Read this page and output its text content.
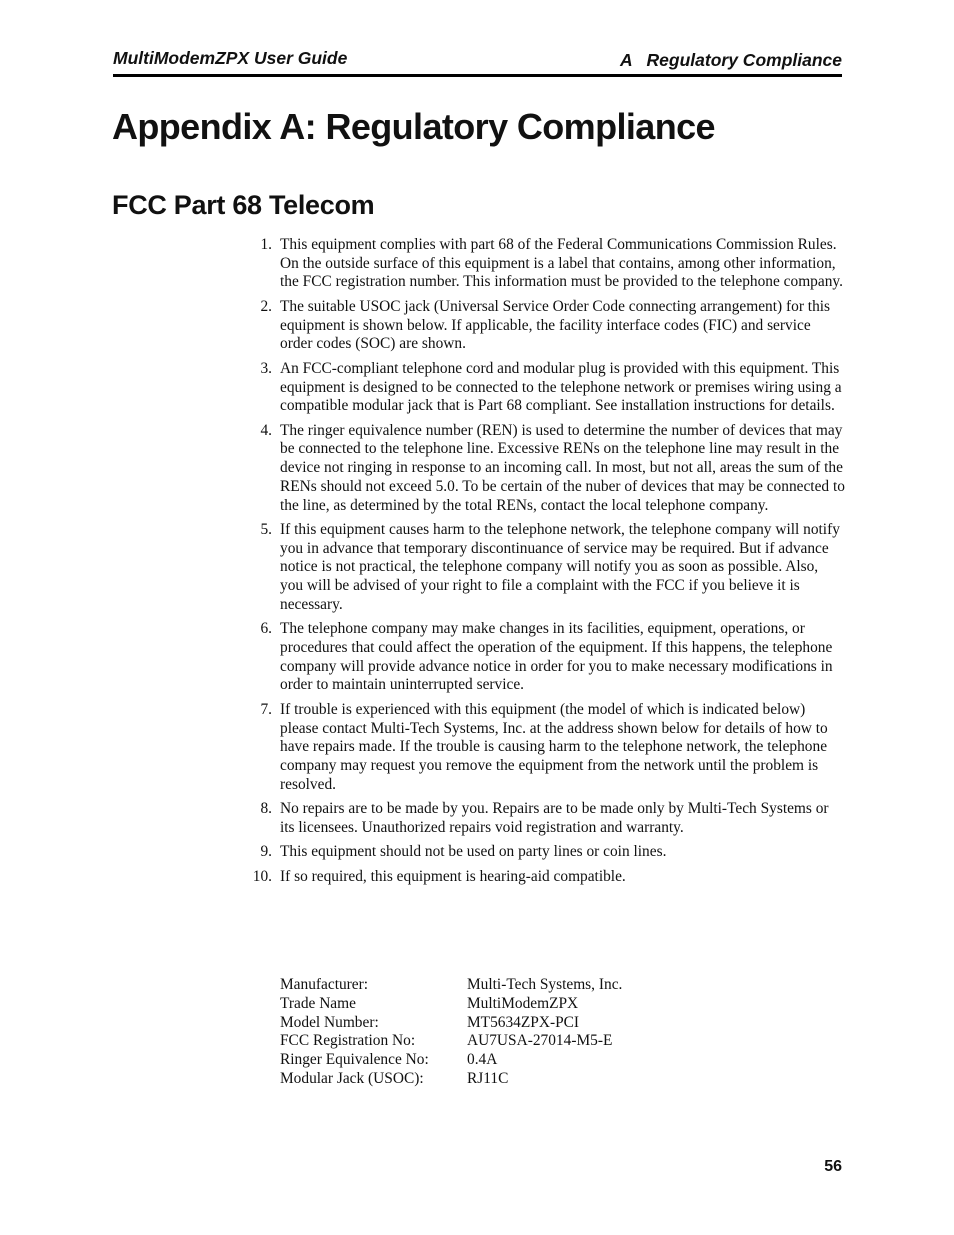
MultiModemZPX User Guide	A   Regulatory Compliance
Appendix A: Regulatory Compliance
FCC Part 68 Telecom
1. This equipment complies with part 68 of the Federal Communications Commission Rules. On the outside surface of this equipment is a label that contains, among other information, the FCC registration number. This information must be provided to the telephone company.
2. The suitable USOC jack (Universal Service Order Code connecting arrangement) for this equipment is shown below. If applicable, the facility interface codes (FIC) and service order codes (SOC) are shown.
3. An FCC-compliant telephone cord and modular plug is provided with this equipment. This equipment is designed to be connected to the telephone network or premises wiring using a compatible modular jack that is Part 68 compliant. See installation instructions for details.
4. The ringer equivalence number (REN) is used to determine the number of devices that may be connected to the telephone line. Excessive RENs on the telephone line may result in the device not ringing in response to an incoming call. In most, but not all, areas the sum of the RENs should not exceed 5.0. To be certain of the nuber of devices that may be connected to the line, as determined by the total RENs, contact the local telephone company.
5. If this equipment causes harm to the telephone network, the telephone company will notify you in advance that temporary discontinuance of service may be required. But if advance notice is not practical, the telephone company will notify you as soon as possible. Also, you will be advised of your right to file a complaint with the FCC if you believe it is necessary.
6. The telephone company may make changes in its facilities, equipment, operations, or procedures that could affect the operation of the equipment. If this happens, the telephone company will provide advance notice in order for you to make necessary modifications in order to maintain uninterrupted service.
7. If trouble is experienced with this equipment (the model of which is indicated below) please contact Multi-Tech Systems, Inc. at the address shown below for details of how to have repairs made. If the trouble is causing harm to the telephone network, the telephone company may request you remove the equipment from the network until the problem is resolved.
8. No repairs are to be made by you. Repairs are to be made only by Multi-Tech Systems or its licensees. Unauthorized repairs void registration and warranty.
9. This equipment should not be used on party lines or coin lines.
10. If so required, this equipment is hearing-aid compatible.
Manufacturer:	Multi-Tech Systems, Inc.
Trade Name	MultiModemZPX
Model Number:	MT5634ZPX-PCI
FCC Registration No:	AU7USA-27014-M5-E
Ringer Equivalence No:	0.4A
Modular Jack (USOC):	RJ11C
56
